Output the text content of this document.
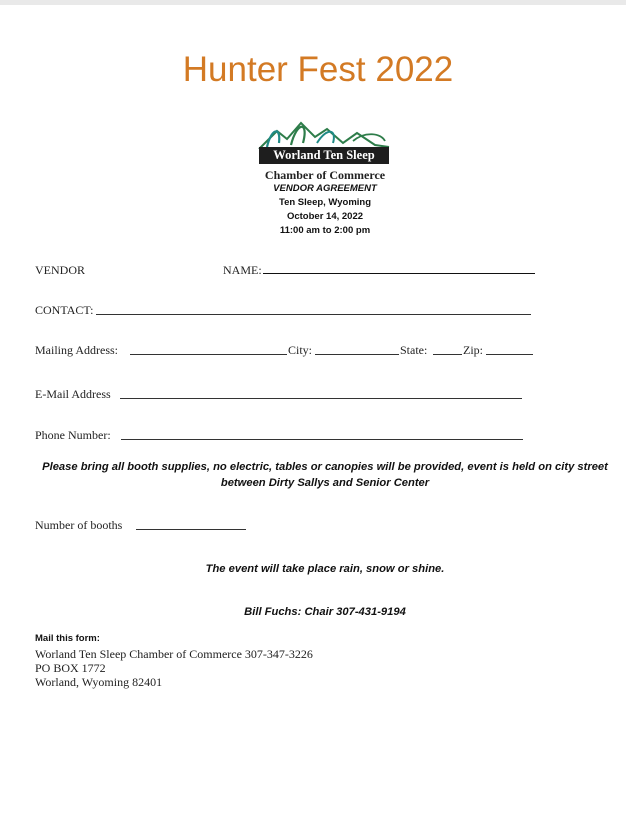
Hunter Fest 2022
Worland Ten Sleep
Chamber of Commerce
VENDOR AGREEMENT
Ten Sleep, Wyoming
October 14, 2022
11:00 am to 2:00 pm
VENDOR	NAME:
CONTACT:
Mailing Address:	City:	State:	Zip:
E-Mail Address
Phone Number:
Please bring all booth supplies, no electric, tables or canopies will be provided, event is held on city street between Dirty Sallys and Senior Center
Number of booths
The event will take place rain, snow or shine.
Bill Fuchs: Chair 307-431-9194
Mail this form:
Worland Ten Sleep Chamber of Commerce 307-347-3226
PO BOX 1772
Worland, Wyoming 82401
